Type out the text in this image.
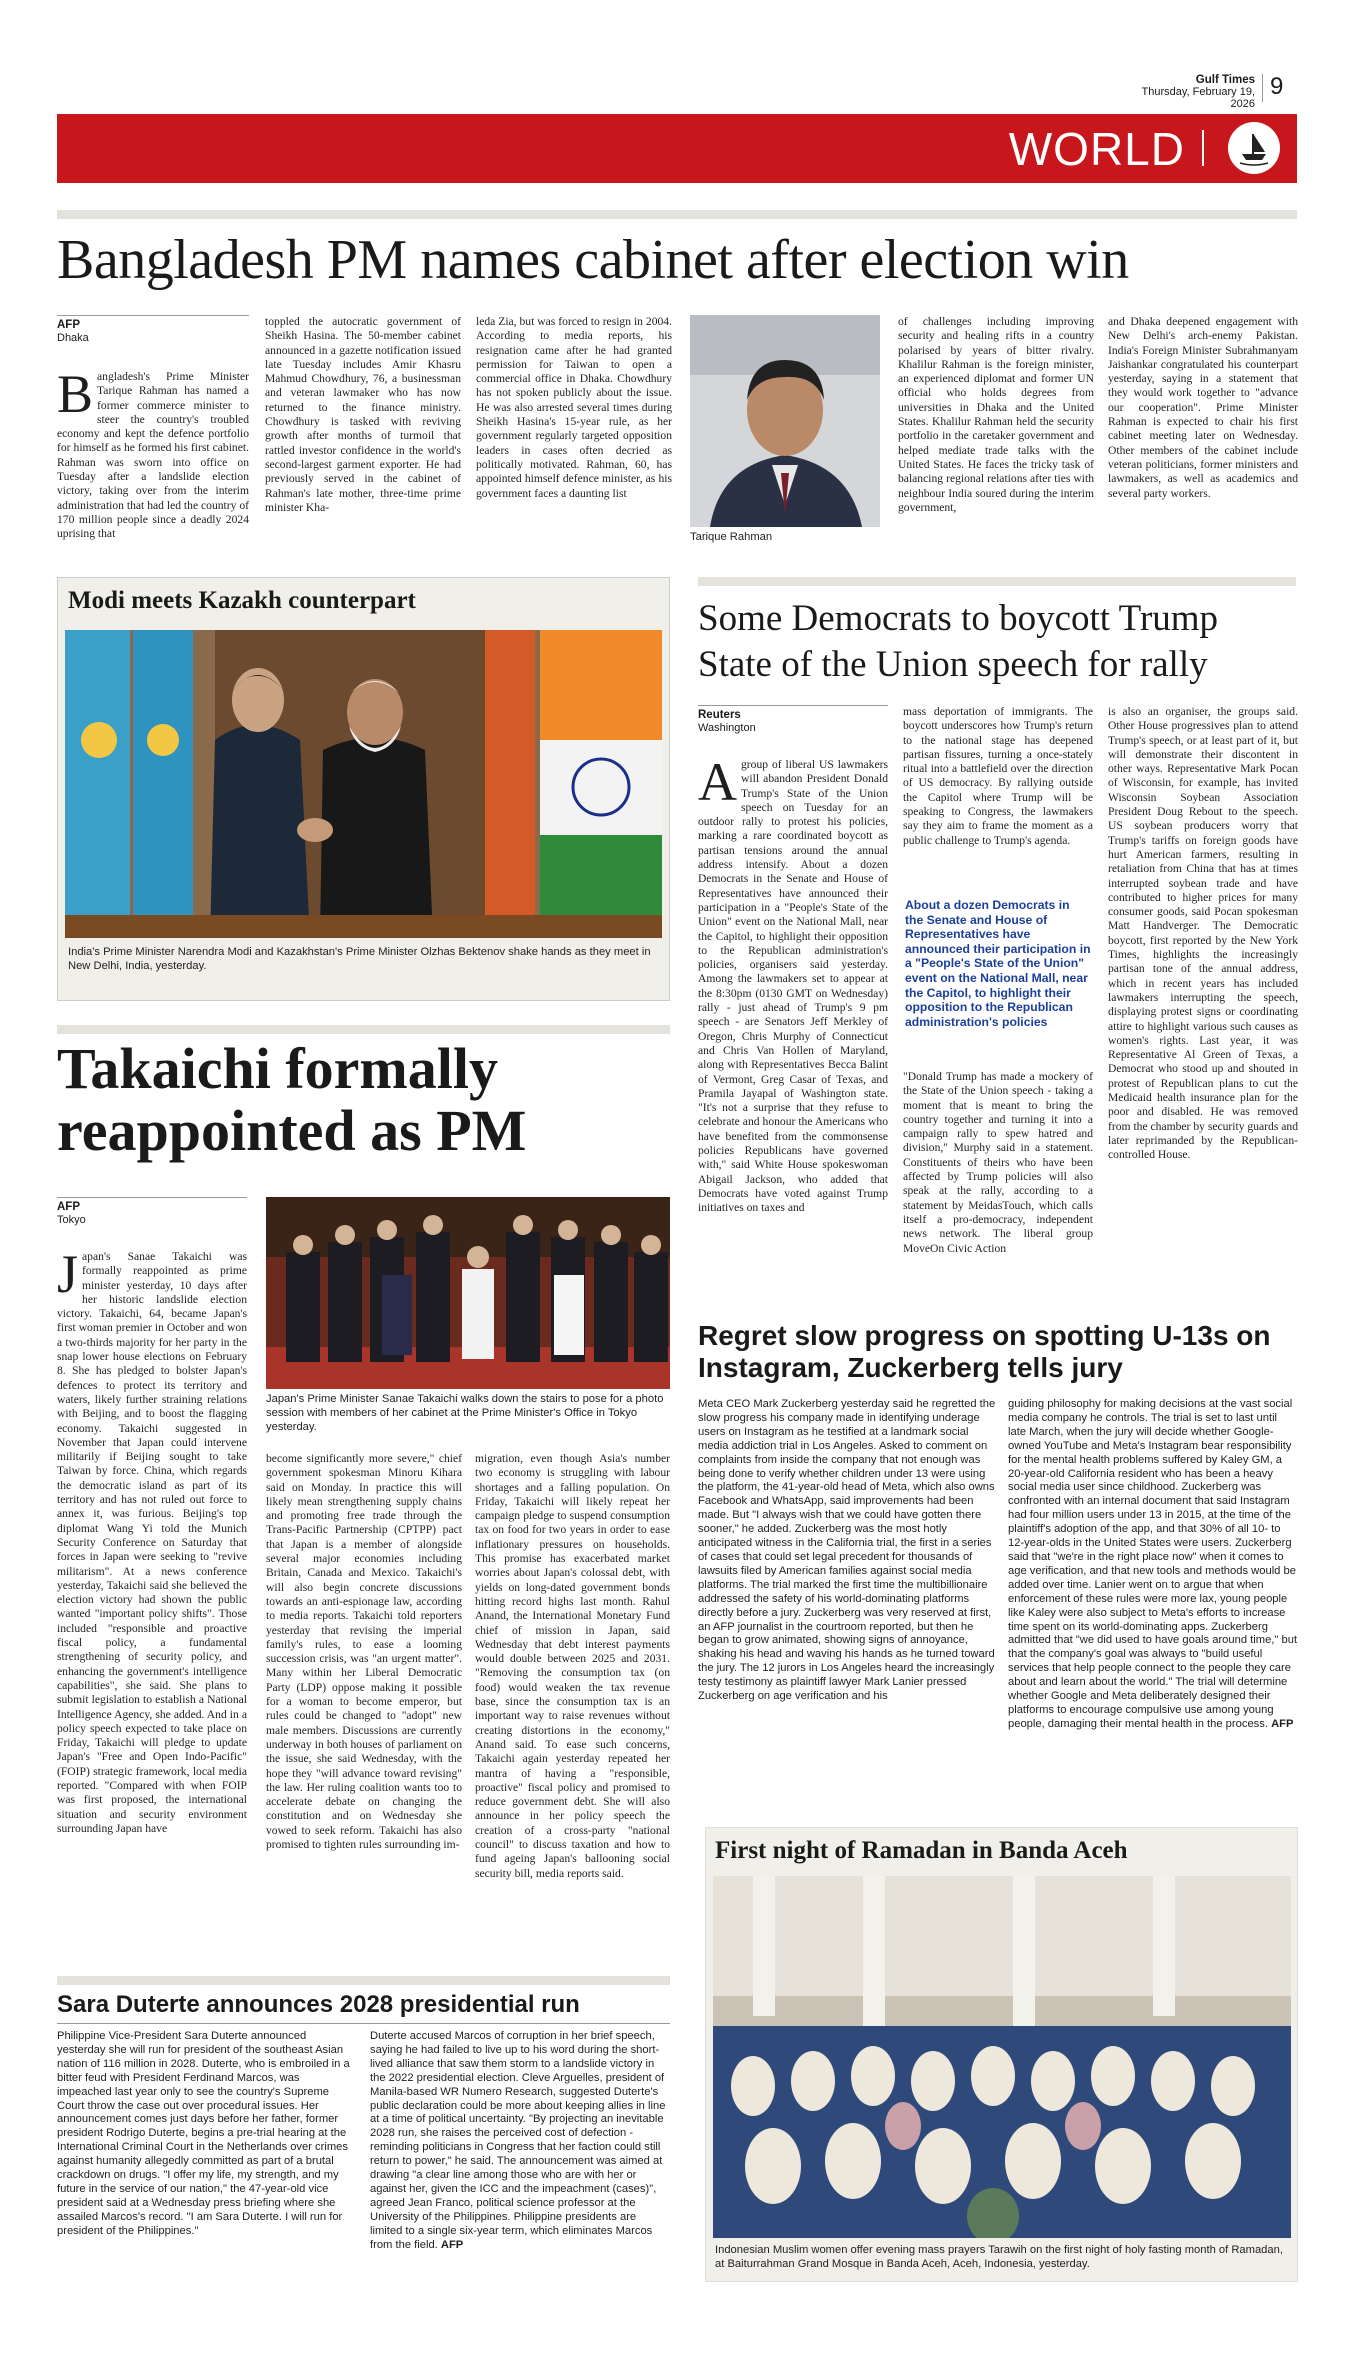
Gulf Times
Thursday, February 19, 2026
9
WORLD
Bangladesh PM names cabinet after election win
AFP
Dhaka
Bangladesh's Prime Minister Tarique Rahman has named a former commerce minister to steer the country's troubled economy and kept the defence portfolio for himself as he formed his first cabinet. Rahman was sworn into office on Tuesday after a landslide election victory, taking over from the interim administration that had led the country of 170 million people since a deadly 2024 uprising that
toppled the autocratic government of Sheikh Hasina. The 50-member cabinet announced in a gazette notification issued late Tuesday includes Amir Khasru Mahmud Chowdhury, 76, a businessman and veteran lawmaker who has now returned to the finance ministry. Chowdhury is tasked with reviving growth after months of turmoil that rattled investor confidence in the world's second-largest garment exporter. He had previously served in the cabinet of Rahman's late mother, three-time prime minister Kha-
leda Zia, but was forced to resign in 2004. According to media reports, his resignation came after he had granted permission for Taiwan to open a commercial office in Dhaka. Chowdhury has not spoken publicly about the issue. He was also arrested several times during Sheikh Hasina's 15-year rule, as her government regularly targeted opposition leaders in cases often decried as politically motivated. Rahman, 60, has appointed himself defence minister, as his government faces a daunting list
Tarique Rahman
of challenges including improving security and healing rifts in a country polarised by years of bitter rivalry. Khalilur Rahman is the foreign minister, an experienced diplomat and former UN official who holds degrees from universities in Dhaka and the United States. Khalilur Rahman held the security portfolio in the caretaker government and helped mediate trade talks with the United States. He faces the tricky task of balancing regional relations after ties with neighbour India soured during the interim government,
and Dhaka deepened engagement with New Delhi's arch-enemy Pakistan. India's Foreign Minister Subrahmanyam Jaishankar congratulated his counterpart yesterday, saying in a statement that they would work together to "advance our cooperation". Prime Minister Rahman is expected to chair his first cabinet meeting later on Wednesday. Other members of the cabinet include veteran politicians, former ministers and lawmakers, as well as academics and several party workers.
Modi meets Kazakh counterpart
India's Prime Minister Narendra Modi and Kazakhstan's Prime Minister Olzhas Bektenov shake hands as they meet in New Delhi, India, yesterday.
Some Democrats to boycott Trump State of the Union speech for rally
Reuters
Washington
Agroup of liberal US lawmakers will abandon President Donald Trump's State of the Union speech on Tuesday for an outdoor rally to protest his policies, marking a rare coordinated boycott as partisan tensions around the annual address intensify. About a dozen Democrats in the Senate and House of Representatives have announced their participation in a "People's State of the Union" event on the National Mall, near the Capitol, to highlight their opposition to the Republican administration's policies, organisers said yesterday. Among the lawmakers set to appear at the 8:30pm (0130 GMT on Wednesday) rally - just ahead of Trump's 9 pm speech - are Senators Jeff Merkley of Oregon, Chris Murphy of Connecticut and Chris Van Hollen of Maryland, along with Representatives Becca Balint of Vermont, Greg Casar of Texas, and Pramila Jayapal of Washington state. "It's not a surprise that they refuse to celebrate and honour the Americans who have benefited from the commonsense policies Republicans have governed with," said White House spokeswoman Abigail Jackson, who added that Democrats have voted against Trump initiatives on taxes and
mass deportation of immigrants. The boycott underscores how Trump's return to the national stage has deepened partisan fissures, turning a once-stately ritual into a battlefield over the direction of US democracy. By rallying outside the Capitol where Trump will be speaking to Congress, the lawmakers say they aim to frame the moment as a public challenge to Trump's agenda.
About a dozen Democrats in the Senate and House of Representatives have announced their participation in a "People's State of the Union" event on the National Mall, near the Capitol, to highlight their opposition to the Republican administration's policies
"Donald Trump has made a mockery of the State of the Union speech - taking a moment that is meant to bring the country together and turning it into a campaign rally to spew hatred and division," Murphy said in a statement. Constituents of theirs who have been affected by Trump policies will also speak at the rally, according to a statement by MeidasTouch, which calls itself a pro-democracy, independent news network. The liberal group MoveOn Civic Action
is also an organiser, the groups said. Other House progressives plan to attend Trump's speech, or at least part of it, but will demonstrate their discontent in other ways. Representative Mark Pocan of Wisconsin, for example, has invited Wisconsin Soybean Association President Doug Rebout to the speech. US soybean producers worry that Trump's tariffs on foreign goods have hurt American farmers, resulting in retaliation from China that has at times interrupted soybean trade and have contributed to higher prices for many consumer goods, said Pocan spokesman Matt Handverger. The Democratic boycott, first reported by the New York Times, highlights the increasingly partisan tone of the annual address, which in recent years has included lawmakers interrupting the speech, displaying protest signs or coordinating attire to highlight various such causes as women's rights. Last year, it was Representative Al Green of Texas, a Democrat who stood up and shouted in protest of Republican plans to cut the Medicaid health insurance plan for the poor and disabled. He was removed from the chamber by security guards and later reprimanded by the Republican-controlled House.
Takaichi formally reappointed as PM
AFP
Tokyo
Japan's Sanae Takaichi was formally reappointed as prime minister yesterday, 10 days after her historic landslide election victory. Takaichi, 64, became Japan's first woman premier in October and won a two-thirds majority for her party in the snap lower house elections on February 8. She has pledged to bolster Japan's defences to protect its territory and waters, likely further straining relations with Beijing, and to boost the flagging economy. Takaichi suggested in November that Japan could intervene militarily if Beijing sought to take Taiwan by force. China, which regards the democratic island as part of its territory and has not ruled out force to annex it, was furious. Beijing's top diplomat Wang Yi told the Munich Security Conference on Saturday that forces in Japan were seeking to "revive militarism". At a news conference yesterday, Takaichi said she believed the election victory had shown the public wanted "important policy shifts". Those included "responsible and proactive fiscal policy, a fundamental strengthening of security policy, and enhancing the government's intelligence capabilities", she said. She plans to submit legislation to establish a National Intelligence Agency, she added. And in a policy speech expected to take place on Friday, Takaichi will pledge to update Japan's "Free and Open Indo-Pacific" (FOIP) strategic framework, local media reported. "Compared with when FOIP was first proposed, the international situation and security environment surrounding Japan have
Japan's Prime Minister Sanae Takaichi walks down the stairs to pose for a photo session with members of her cabinet at the Prime Minister's Office in Tokyo yesterday.
become significantly more severe," chief government spokesman Minoru Kihara said on Monday. In practice this will likely mean strengthening supply chains and promoting free trade through the Trans-Pacific Partnership (CPTPP) pact that Japan is a member of alongside several major economies including Britain, Canada and Mexico. Takaichi's will also begin concrete discussions towards an anti-espionage law, according to media reports. Takaichi told reporters yesterday that revising the imperial family's rules, to ease a looming succession crisis, was "an urgent matter". Many within her Liberal Democratic Party (LDP) oppose making it possible for a woman to become emperor, but rules could be changed to "adopt" new male members. Discussions are currently underway in both houses of parliament on the issue, she said Wednesday, with the hope they "will advance toward revising" the law. Her ruling coalition wants too to accelerate debate on changing the constitution and on Wednesday she vowed to seek reform. Takaichi has also promised to tighten rules surrounding im-
migration, even though Asia's number two economy is struggling with labour shortages and a falling population. On Friday, Takaichi will likely repeat her campaign pledge to suspend consumption tax on food for two years in order to ease inflationary pressures on households. This promise has exacerbated market worries about Japan's colossal debt, with yields on long-dated government bonds hitting record highs last month. Rahul Anand, the International Monetary Fund chief of mission in Japan, said Wednesday that debt interest payments would double between 2025 and 2031. "Removing the consumption tax (on food) would weaken the tax revenue base, since the consumption tax is an important way to raise revenues without creating distortions in the economy," Anand said. To ease such concerns, Takaichi again yesterday repeated her mantra of having a "responsible, proactive" fiscal policy and promised to reduce government debt. She will also announce in her policy speech the creation of a cross-party "national council" to discuss taxation and how to fund ageing Japan's ballooning social security bill, media reports said.
Regret slow progress on spotting U-13s on Instagram, Zuckerberg tells jury
Meta CEO Mark Zuckerberg yesterday said he regretted the slow progress his company made in identifying underage users on Instagram as he testified at a landmark social media addiction trial in Los Angeles. Asked to comment on complaints from inside the company that not enough was being done to verify whether children under 13 were using the platform, the 41-year-old head of Meta, which also owns Facebook and WhatsApp, said improvements had been made. But "I always wish that we could have gotten there sooner," he added. Zuckerberg was the most hotly anticipated witness in the California trial, the first in a series of cases that could set legal precedent for thousands of lawsuits filed by American families against social media platforms. The trial marked the first time the multibillionaire addressed the safety of his world-dominating platforms directly before a jury. Zuckerberg was very reserved at first, an AFP journalist in the courtroom reported, but then he began to grow animated, showing signs of annoyance, shaking his head and waving his hands as he turned toward the jury. The 12 jurors in Los Angeles heard the increasingly testy testimony as plaintiff lawyer Mark Lanier pressed Zuckerberg on age verification and his
guiding philosophy for making decisions at the vast social media company he controls. The trial is set to last until late March, when the jury will decide whether Google-owned YouTube and Meta's Instagram bear responsibility for the mental health problems suffered by Kaley GM, a 20-year-old California resident who has been a heavy social media user since childhood. Zuckerberg was confronted with an internal document that said Instagram had four million users under 13 in 2015, at the time of the plaintiff's adoption of the app, and that 30% of all 10- to 12-year-olds in the United States were users. Zuckerberg said that "we're in the right place now" when it comes to age verification, and that new tools and methods would be added over time. Lanier went on to argue that when enforcement of these rules were more lax, young people like Kaley were also subject to Meta's efforts to increase time spent on its world-dominating apps. Zuckerberg admitted that "we did used to have goals around time," but that the company's goal was always to "build useful services that help people connect to the people they care about and learn about the world." The trial will determine whether Google and Meta deliberately designed their platforms to encourage compulsive use among young people, damaging their mental health in the process. AFP
Sara Duterte announces 2028 presidential run
Philippine Vice-President Sara Duterte announced yesterday she will run for president of the southeast Asian nation of 116 million in 2028. Duterte, who is embroiled in a bitter feud with President Ferdinand Marcos, was impeached last year only to see the country's Supreme Court throw the case out over procedural issues. Her announcement comes just days before her father, former president Rodrigo Duterte, begins a pre-trial hearing at the International Criminal Court in the Netherlands over crimes against humanity allegedly committed as part of a brutal crackdown on drugs. "I offer my life, my strength, and my future in the service of our nation," the 47-year-old vice president said at a Wednesday press briefing where she assailed Marcos's record. "I am Sara Duterte. I will run for president of the Philippines."
Duterte accused Marcos of corruption in her brief speech, saying he had failed to live up to his word during the short-lived alliance that saw them storm to a landslide victory in the 2022 presidential election. Cleve Arguelles, president of Manila-based WR Numero Research, suggested Duterte's public declaration could be more about keeping allies in line at a time of political uncertainty. "By projecting an inevitable 2028 run, she raises the perceived cost of defection - reminding politicians in Congress that her faction could still return to power," he said. The announcement was aimed at drawing "a clear line among those who are with her or against her, given the ICC and the impeachment (cases)", agreed Jean Franco, political science professor at the University of the Philippines. Philippine presidents are limited to a single six-year term, which eliminates Marcos from the field. AFP
First night of Ramadan in Banda Aceh
Indonesian Muslim women offer evening mass prayers Tarawih on the first night of holy fasting month of Ramadan, at Baiturrahman Grand Mosque in Banda Aceh, Aceh, Indonesia, yesterday.
